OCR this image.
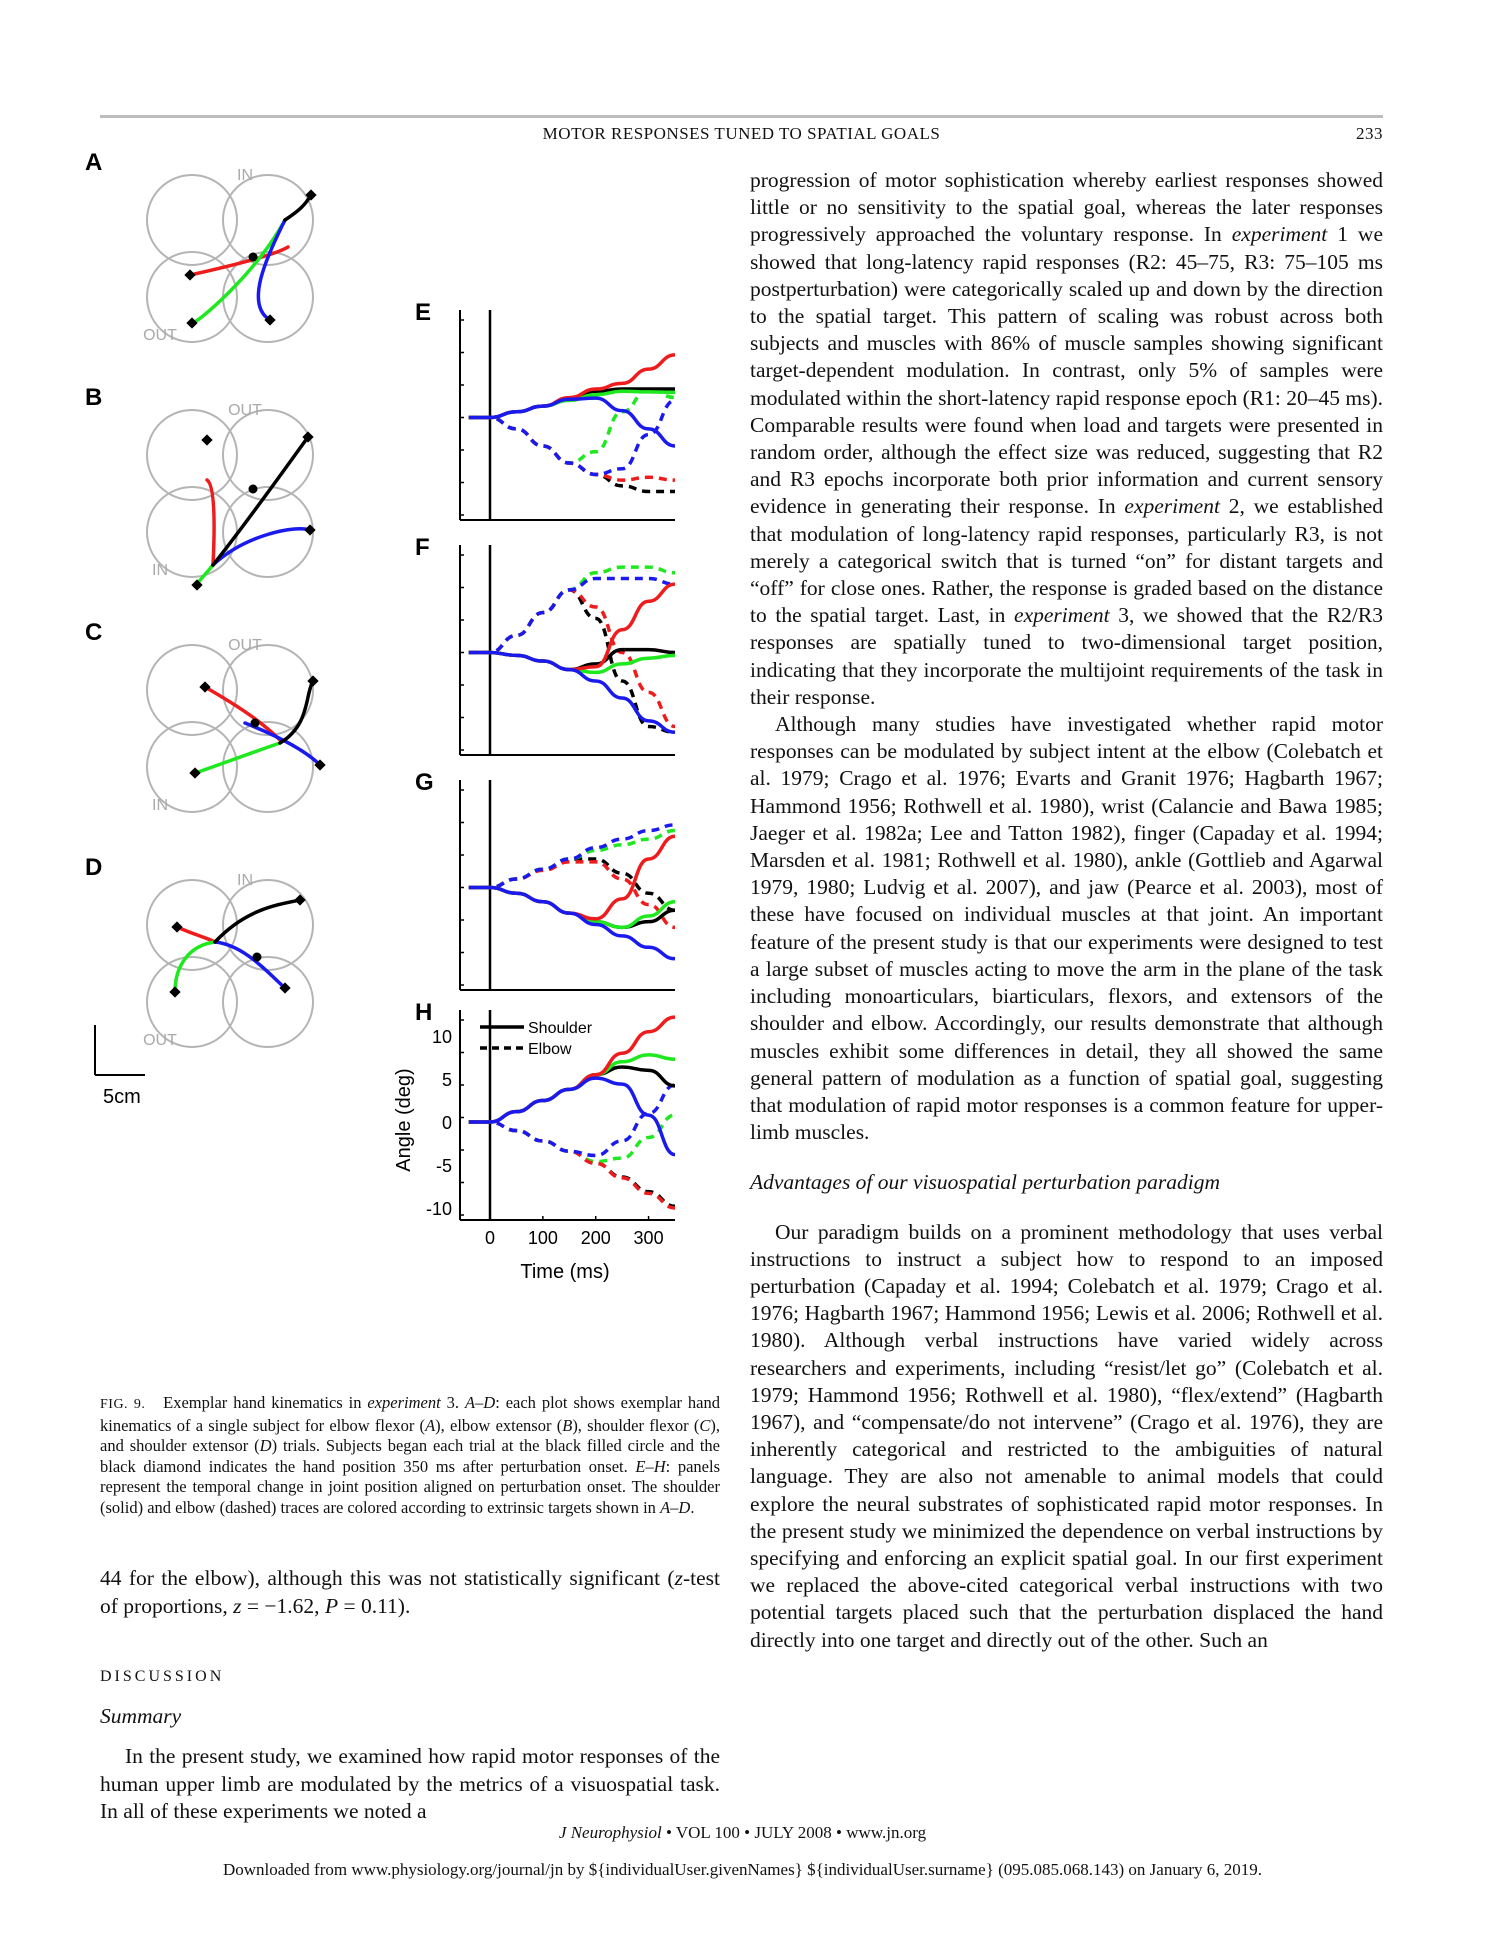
MOTOR RESPONSES TUNED TO SPATIAL GOALS	233
A	IN
OUT
B	OUT
IN
C	OUT
IN
D	IN
OUT
5cm
E
F
G
H
10
5
0
-5
-10
0 100 200 300
Angle (deg)
Time (ms)
Shoulder
Elbow
FIG. 9. Exemplar hand kinematics in experiment 3. A–D: each plot shows exemplar hand kinematics of a single subject for elbow flexor (A), elbow extensor (B), shoulder flexor (C), and shoulder extensor (D) trials. Subjects began each trial at the black filled circle and the black diamond indicates the hand position 350 ms after perturbation onset. E–H: panels represent the temporal change in joint position aligned on perturbation onset. The shoulder (solid) and elbow (dashed) traces are colored according to extrinsic targets shown in A–D.
44 for the elbow), although this was not statistically significant (z-test of proportions, z = −1.62, P = 0.11).
DISCUSSION
Summary
In the present study, we examined how rapid motor responses of the human upper limb are modulated by the metrics of a visuospatial task. In all of these experiments we noted a

progression of motor sophistication whereby earliest responses showed little or no sensitivity to the spatial goal, whereas the later responses progressively approached the voluntary response. In experiment 1 we showed that long-latency rapid responses (R2: 45–75, R3: 75–105 ms postperturbation) were categorically scaled up and down by the direction to the spatial target. This pattern of scaling was robust across both subjects and muscles with 86% of muscle samples showing significant target-dependent modulation. In contrast, only 5% of samples were modulated within the short-latency rapid response epoch (R1: 20–45 ms). Comparable results were found when load and targets were presented in random order, although the effect size was reduced, suggesting that R2 and R3 epochs incorporate both prior information and current sensory evidence in generating their response. In experiment 2, we established that modulation of long-latency rapid responses, particularly R3, is not merely a categorical switch that is turned “on” for distant targets and “off” for close ones. Rather, the response is graded based on the distance to the spatial target. Last, in experiment 3, we showed that the R2/R3 responses are spatially tuned to two-dimensional target position, indicating that they incorporate the multijoint requirements of the task in their response.

Although many studies have investigated whether rapid motor responses can be modulated by subject intent at the elbow (Colebatch et al. 1979; Crago et al. 1976; Evarts and Granit 1976; Hagbarth 1967; Hammond 1956; Rothwell et al. 1980), wrist (Calancie and Bawa 1985; Jaeger et al. 1982a; Lee and Tatton 1982), finger (Capaday et al. 1994; Marsden et al. 1981; Rothwell et al. 1980), ankle (Gottlieb and Agarwal 1979, 1980; Ludvig et al. 2007), and jaw (Pearce et al. 2003), most of these have focused on individual muscles at that joint. An important feature of the present study is that our experiments were designed to test a large subset of muscles acting to move the arm in the plane of the task including monoarticulars, biarticulars, flexors, and extensors of the shoulder and elbow. Accordingly, our results demonstrate that although muscles exhibit some differences in detail, they all showed the same general pattern of modulation as a function of spatial goal, suggesting that modulation of rapid motor responses is a common feature for upper-limb muscles.

Advantages of our visuospatial perturbation paradigm

Our paradigm builds on a prominent methodology that uses verbal instructions to instruct a subject how to respond to an imposed perturbation (Capaday et al. 1994; Colebatch et al. 1979; Crago et al. 1976; Hagbarth 1967; Hammond 1956; Lewis et al. 2006; Rothwell et al. 1980). Although verbal instructions have varied widely across researchers and experiments, including “resist/let go” (Colebatch et al. 1979; Hammond 1956; Rothwell et al. 1980), “flex/extend” (Hagbarth 1967), and “compensate/do not intervene” (Crago et al. 1976), they are inherently categorical and restricted to the ambiguities of natural language. They are also not amenable to animal models that could explore the neural substrates of sophisticated rapid motor responses. In the present study we minimized the dependence on verbal instructions by specifying and enforcing an explicit spatial goal. In our first experiment we replaced the above-cited categorical verbal instructions with two potential targets placed such that the perturbation displaced the hand directly into one target and directly out of the other. Such an

J Neurophysiol • VOL 100 • JULY 2008 • www.jn.org
Downloaded from www.physiology.org/journal/jn by ${individualUser.givenNames} ${individualUser.surname} (095.085.068.143) on January 6, 2019.
